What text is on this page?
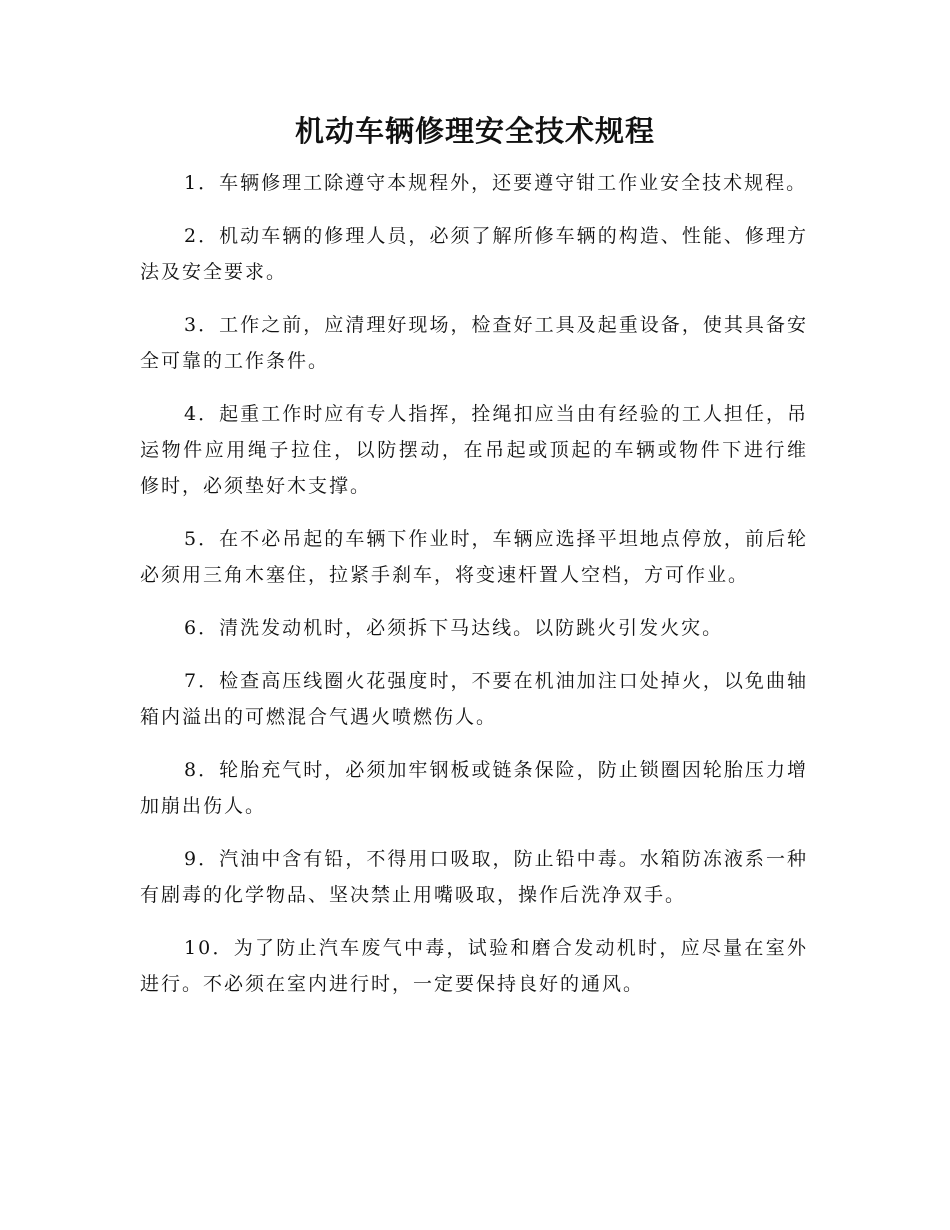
机动车辆修理安全技术规程

1．车辆修理工除遵守本规程外，还要遵守钳工作业安全技术规程。

2．机动车辆的修理人员，必须了解所修车辆的构造、性能、修理方法及安全要求。

3．工作之前，应清理好现场，检查好工具及起重设备，使其具备安全可靠的工作条件。

4．起重工作时应有专人指挥，拴绳扣应当由有经验的工人担任，吊运物件应用绳子拉住，以防摆动，在吊起或顶起的车辆或物件下进行维修时，必须垫好木支撑。

5．在不必吊起的车辆下作业时，车辆应选择平坦地点停放，前后轮必须用三角木塞住，拉紧手刹车，将变速杆置人空档，方可作业。

6．清洗发动机时，必须拆下马达线。以防跳火引发火灾。

7．检查高压线圈火花强度时，不要在机油加注口处掉火，以免曲轴箱内溢出的可燃混合气遇火喷燃伤人。

8．轮胎充气时，必须加牢钢板或链条保险，防止锁圈因轮胎压力增加崩出伤人。

9．汽油中含有铅，不得用口吸取，防止铅中毒。水箱防冻液系一种有剧毒的化学物品、坚决禁止用嘴吸取，操作后洗净双手。

10．为了防止汽车废气中毒，试验和磨合发动机时，应尽量在室外进行。不必须在室内进行时，一定要保持良好的通风。
